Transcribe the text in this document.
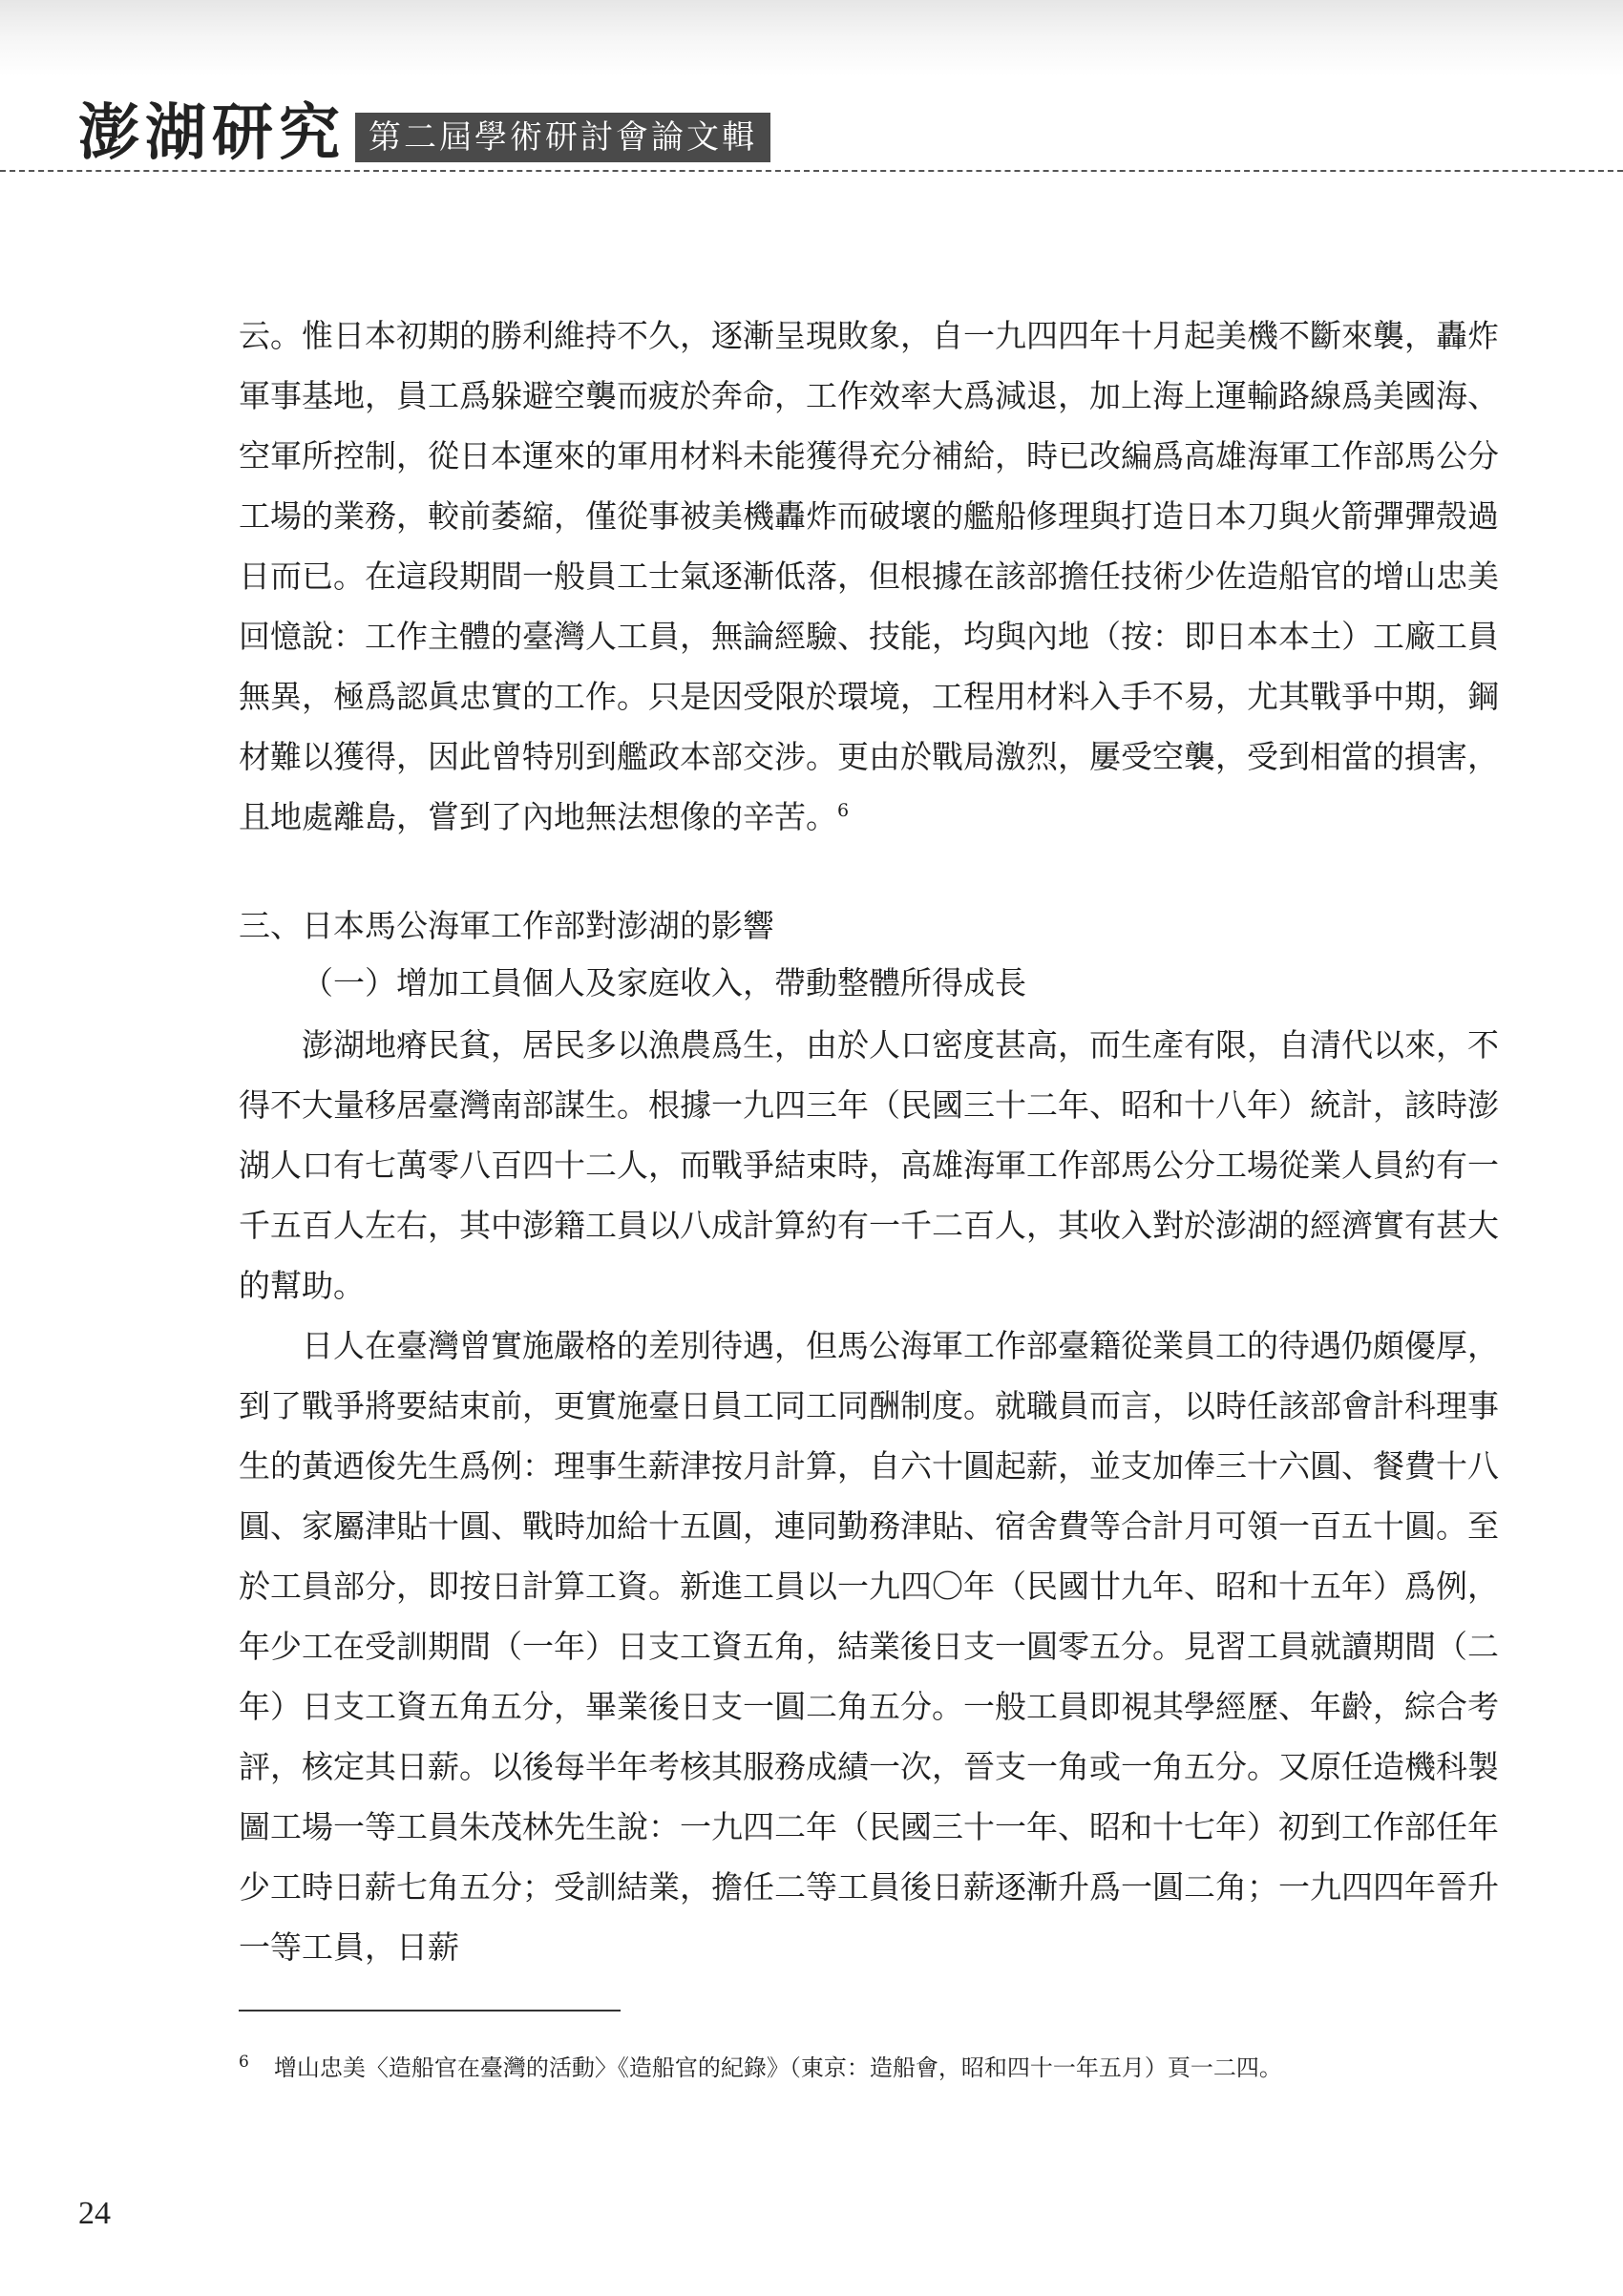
澎湖研究 第二屆學術研討會論文輯

云。惟日本初期的勝利維持不久，逐漸呈現敗象，自一九四四年十月起美機不斷來襲，轟炸軍事基地，員工爲躲避空襲而疲於奔命，工作效率大爲減退，加上海上運輸路線爲美國海、空軍所控制，從日本運來的軍用材料未能獲得充分補給，時已改編爲高雄海軍工作部馬公分工場的業務，較前萎縮，僅從事被美機轟炸而破壞的艦船修理與打造日本刀與火箭彈彈殼過日而已。在這段期間一般員工士氣逐漸低落，但根據在該部擔任技術少佐造船官的增山忠美回憶說：工作主體的臺灣人工員，無論經驗、技能，均與內地（按：即日本本土）工廠工員無異，極爲認眞忠實的工作。只是因受限於環境，工程用材料入手不易，尤其戰爭中期，鋼材難以獲得，因此曾特別到艦政本部交涉。更由於戰局激烈，屢受空襲，受到相當的損害，且地處離島，嘗到了內地無法想像的辛苦。$^6$

三、日本馬公海軍工作部對澎湖的影響
（一）增加工員個人及家庭收入，帶動整體所得成長

澎湖地瘠民貧，居民多以漁農爲生，由於人口密度甚高，而生產有限，自清代以來，不得不大量移居臺灣南部謀生。根據一九四三年（民國三十二年、昭和十八年）統計，該時澎湖人口有七萬零八百四十二人，而戰爭結束時，高雄海軍工作部馬公分工場從業人員約有一千五百人左右，其中澎籍工員以八成計算約有一千二百人，其收入對於澎湖的經濟實有甚大的幫助。

日人在臺灣曾實施嚴格的差別待遇，但馬公海軍工作部臺籍從業員工的待遇仍頗優厚，到了戰爭將要結束前，更實施臺日員工同工同酬制度。就職員而言，以時任該部會計科理事生的黃迺俊先生爲例：理事生薪津按月計算，自六十圓起薪，並支加俸三十六圓、餐費十八圓、家屬津貼十圓、戰時加給十五圓，連同勤務津貼、宿舍費等合計月可領一百五十圓。至於工員部分，即按日計算工資。新進工員以一九四〇年（民國廿九年、昭和十五年）爲例，年少工在受訓期間（一年）日支工資五角，結業後日支一圓零五分。見習工員就讀期間（二年）日支工資五角五分，畢業後日支一圓二角五分。一般工員即視其學經歷、年齡，綜合考評，核定其日薪。以後每半年考核其服務成績一次，晉支一角或一角五分。又原任造機科製圖工場一等工員朱茂林先生說：一九四二年（民國三十一年、昭和十七年）初到工作部任年少工時日薪七角五分；受訓結業，擔任二等工員後日薪逐漸升爲一圓二角；一九四四年晉升一等工員，日薪

$^6$ 增山忠美〈造船官在臺灣的活動〉《造船官的紀錄》（東京：造船會，昭和四十一年五月）頁一二四。
24
